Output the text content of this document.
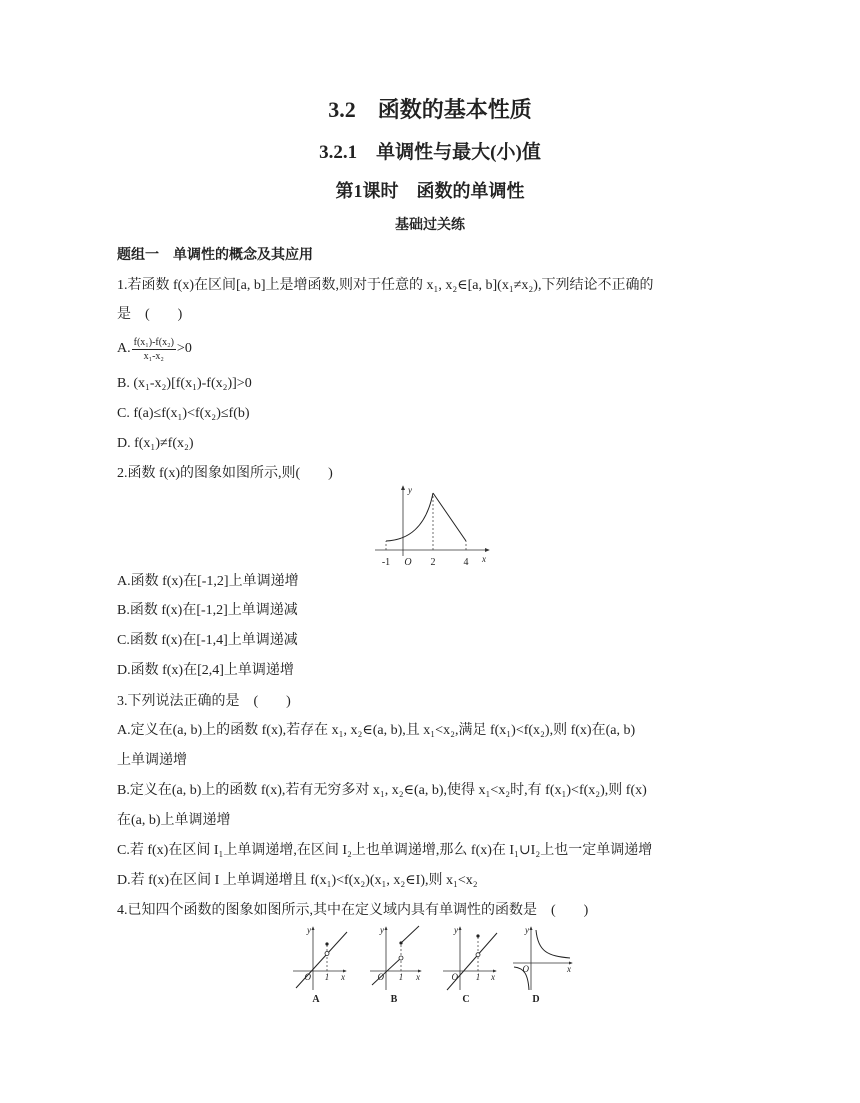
3.2　函数的基本性质
3.2.1　单调性与最大(小)值
第1课时　函数的单调性
基础过关练
题组一　单调性的概念及其应用
1.若函数 f(x)在区间[a, b]上是增函数,则对于任意的 x₁, x₂∈[a, b](x₁≠x₂),下列结论不正确的
是　(　　)
A. $\frac{\text{f(x₁)-f(x₂)}}{\text{x₁-x₂}} >0$
B. (x₁-x₂)[f(x₁)-f(x₂)]>0
C. f(a)≤f(x₁)<f(x₂)≤f(b)
D. f(x₁)≠f(x₂)
2.函数 f(x)的图象如图所示,则(　　)
y
x
-1 O 2	4
A.函数 f(x)在[-1,2]上单调递增
B.函数 f(x)在[-1,2]上单调递减
C.函数 f(x)在[-1,4]上单调递减
D.函数 f(x)在[2,4]上单调递增
3.下列说法正确的是　(　　)
A.定义在(a, b)上的函数 f(x),若存在 x₁, x₂∈(a, b),且 x₁<x₂,满足 f(x₁)<f(x₂),则 f(x)在(a, b)
上单调递增
B.定义在(a, b)上的函数 f(x),若有无穷多对 x₁, x₂∈(a, b),使得 x₁<x₂时,有 f(x₁)<f(x₂),则 f(x)
在(a, b)上单调递增
C.若 f(x)在区间 I₁上单调递增,在区间 I₂上也单调递增,那么 f(x)在 I₁∪I₂上也一定单调递增
D.若 f(x)在区间 I 上单调递增且 f(x₁)<f(x₂)(x₁, x₂∈I),则 x₁<x₂
4.已知四个函数的图象如图所示,其中在定义域内具有单调性的函数是　(　　)
y
O 1 x
A
y
O 1 x
B
y
O 1 x
C
y
O	x
D
